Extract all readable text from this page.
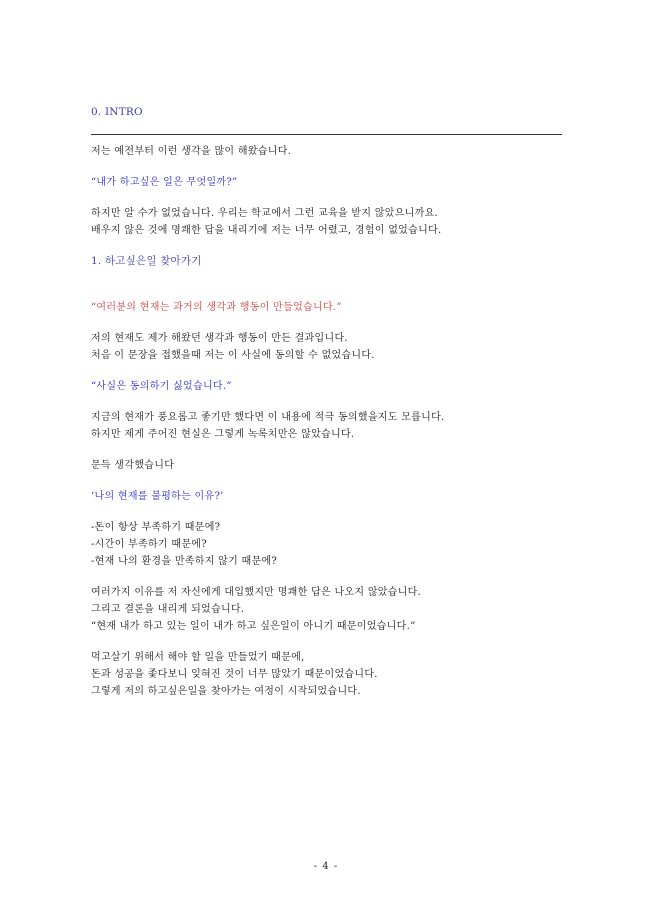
0. INTRO

저는 예전부터 이런 생각을 많이 해왔습니다.

“내가 하고싶은 일은 무엇일까?”

하지만 알 수가 없었습니다. 우리는 학교에서 그런 교육을 받지 않았으니까요.

배우지 않은 것에 명쾌한 답을 내리기에 저는 너무 어렸고, 경험이 없었습니다.

1. 하고싶은일 찾아가기

“여러분의 현재는 과거의 생각과 행동이 만들었습니다.”

저의 현재도 제가 해왔던 생각과 행동이 만든 결과입니다.

처음 이 문장을 접했을때 저는 이 사실에 동의할 수 없었습니다.

“사실은 동의하기 싫었습니다.”

지금의 현재가 풍요롭고 좋기만 했다면 이 내용에 적극 동의했을지도 모릅니다.

하지만 제게 주어진 현실은 그렇게 녹록치만은 않았습니다.

문득 생각했습니다

‘나의 현재를 불평하는 이유?’

-돈이 항상 부족하기 때문에?

-시간이 부족하기 때문에?

-현재 나의 환경을 만족하지 않기 때문에?

여러가지 이유를 저 자신에게 대입했지만 명쾌한 답은 나오지 않았습니다.

그리고 결론을 내리게 되었습니다.

“현재 내가 하고 있는 일이 내가 하고 싶은일이 아니기 때문이었습니다.”

먹고살기 위해서 해야 할 일을 만들었기 때문에,

돈과 성공을 좇다보니 잊혀진 것이 너무 많았기 때문이었습니다.

그렇게 저의 하고싶은일을 찾아가는 여정이 시작되었습니다.

- 4 -
